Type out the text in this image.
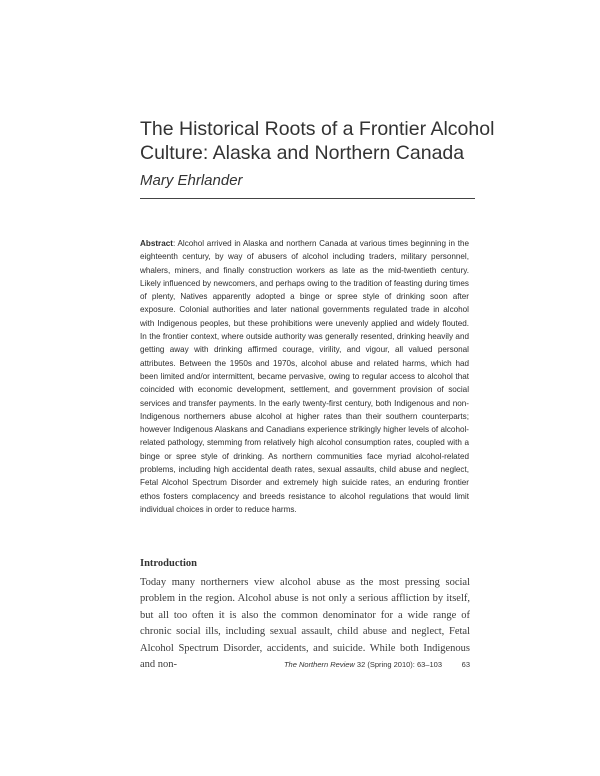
The Historical Roots of a Frontier Alcohol Culture: Alaska and Northern Canada
Mary Ehrlander

Abstract: Alcohol arrived in Alaska and northern Canada at various times beginning in the eighteenth century, by way of abusers of alcohol including traders, military personnel, whalers, miners, and finally construction workers as late as the mid-twentieth century. Likely influenced by newcomers, and perhaps owing to the tradition of feasting during times of plenty, Natives apparently adopted a binge or spree style of drinking soon after exposure. Colonial authorities and later national governments regulated trade in alcohol with Indigenous peoples, but these prohibitions were unevenly applied and widely flouted. In the frontier context, where outside authority was generally resented, drinking heavily and getting away with drinking affirmed courage, virility, and vigour, all valued personal attributes. Between the 1950s and 1970s, alcohol abuse and related harms, which had been limited and/or intermittent, became pervasive, owing to regular access to alcohol that coincided with economic development, settlement, and government provision of social services and transfer payments. In the early twenty-first century, both Indigenous and non-Indigenous northerners abuse alcohol at higher rates than their southern counterparts; however Indigenous Alaskans and Canadians experience strikingly higher levels of alcohol-related pathology, stemming from relatively high alcohol consumption rates, coupled with a binge or spree style of drinking. As northern communities face myriad alcohol-related problems, including high accidental death rates, sexual assaults, child abuse and neglect, Fetal Alcohol Spectrum Disorder and extremely high suicide rates, an enduring frontier ethos fosters complacency and breeds resistance to alcohol regulations that would limit individual choices in order to reduce harms.

Introduction

Today many northerners view alcohol abuse as the most pressing social problem in the region. Alcohol abuse is not only a serious affliction by itself, but all too often it is also the common denominator for a wide range of chronic social ills, including sexual assault, child abuse and neglect, Fetal Alcohol Spectrum Disorder, accidents, and suicide. While both Indigenous and non-	The Northern Review 32 (Spring 2010): 63–103	63
